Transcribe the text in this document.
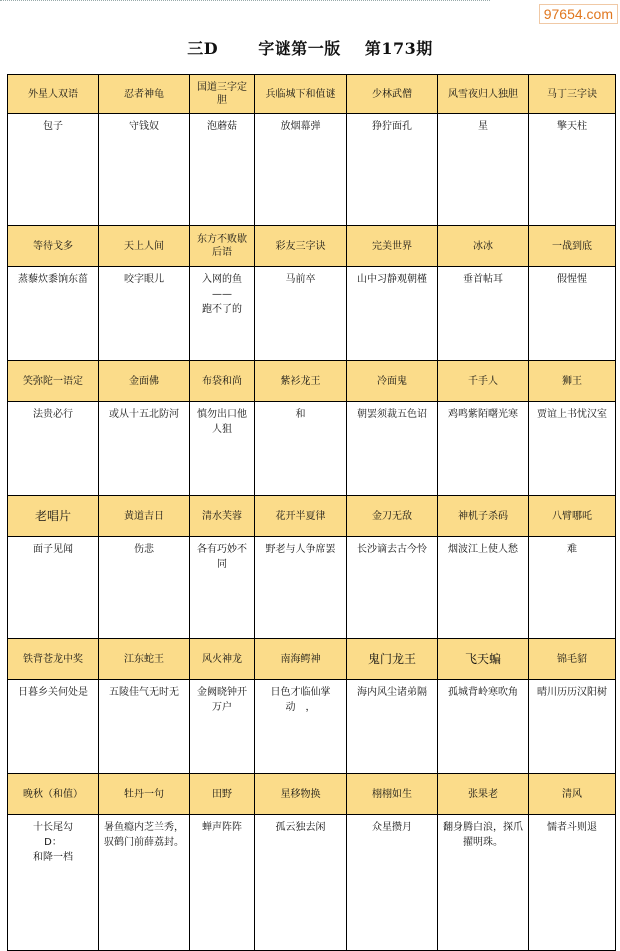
97654.com
三D	字谜第一版 第173期
外星人双语	忍者神龟	国道三字定胆	兵临城下和值谜	少林武僧	风雪夜归人独胆	马丁三字诀

包子	守钱奴	泡蘑菇	放烟幕弹	狰狞面孔	星	擎天柱

等待戈多	天上人间	东方不败歇后语	彩友三字诀	完美世界	冰冰	一战到底

蒸藜炊黍饷东菑	咬字眼儿	入网的鱼
——
跑不了的	马前卒	山中习静观朝槿	垂首帖耳	假惺惺

笑弥陀一语定	金面佛	布袋和尚	紫衫龙王	冷面鬼	千手人	狮王

法贵必行	或从十五北防河	慎勿出口他人狙	和	朝罢须裁五色诏	鸡鸣紫陌曙光寒	贾谊上书忧汉室

老唱片	黄道吉日	清水芙蓉	花开半夏律	金刀无敌	神机子杀码	八臂哪吒

面子见闻	伤悲	各有巧妙不同	野老与人争席罢	长沙谪去古今怜	烟波江上使人愁	难

铁背苍龙中奖	江东蛇王	风火神龙	南海鳄神	鬼门龙王	飞天蝙	锦毛貂

日暮乡关何处是	五陵佳气无时无	金阙晓钟开万户	日色才临仙掌动　，	海内风尘诸弟隔	孤城背岭寒吹角	晴川历历汉阳树

晚秋（和值）	牡丹一句	田野	星移物换	栩栩如生	张果老	清风

十长尾勾
D：
和降一档	暑鱼瘾内芝兰秀，驭鹤门前薛荔封。	蝉声阵阵	孤云独去闲	众星攒月	翻身腾白浪，探爪擢明珠。	懦者斗则退
